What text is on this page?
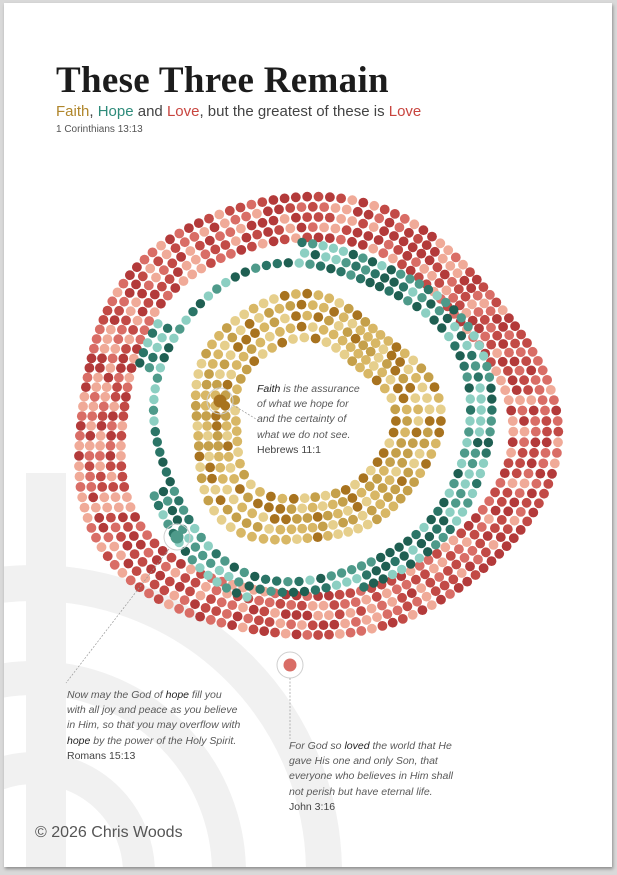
These Three Remain
Faith, Hope and Love, but the greatest of these is Love
1 Corinthians 13:13
Faith is the assurance
of what we hope for
and the certainty of
what we do not see.
Hebrews 11:1
Now may the God of hope fill you
with all joy and peace as you believe
in Him, so that you may overflow with
hope by the power of the Holy Spirit.
Romans 15:13
For God so loved the world that He
gave His one and only Son, that
everyone who believes in Him shall
not perish but have eternal life.
John 3:16
© 2026 Chris Woods
